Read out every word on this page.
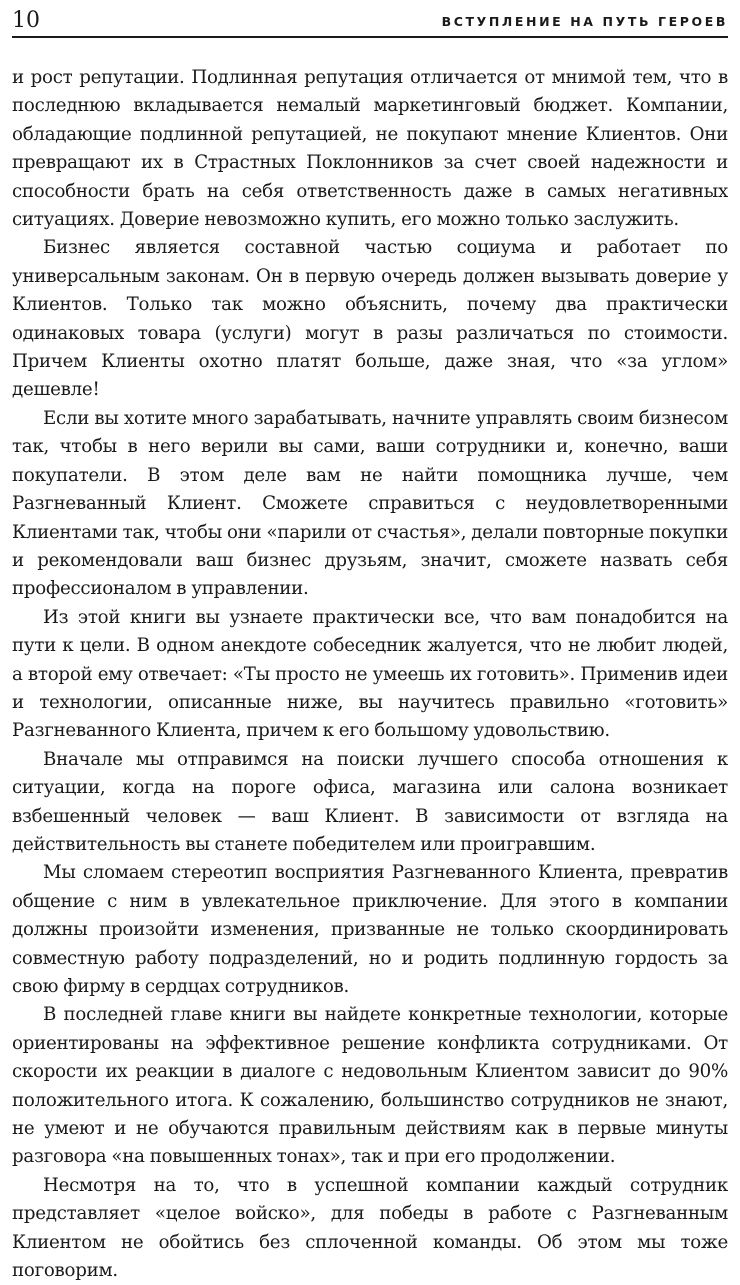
10	ВСТУПЛЕНИЕ НА ПУТЬ ГЕРОЕВ

и рост репутации. Подлинная репутация отличается от мнимой тем, что в последнюю вкладывается немалый маркетинговый бюджет. Компании, обладающие подлинной репутацией, не покупают мнение Клиентов. Они превращают их в Страстных Поклонников за счет своей надежности и способности брать на себя ответственность даже в самых негативных ситуациях. Доверие невозможно купить, его можно только заслужить.

Бизнес является составной частью социума и работает по универсальным законам. Он в первую очередь должен вызывать доверие у Клиентов. Только так можно объяснить, почему два практически одинаковых товара (услуги) могут в разы различаться по стоимости. Причем Клиенты охотно платят больше, даже зная, что «за углом» дешевле!

Если вы хотите много зарабатывать, начните управлять своим бизнесом так, чтобы в него верили вы сами, ваши сотрудники и, конечно, ваши покупатели. В этом деле вам не найти помощника лучше, чем Разгневанный Клиент. Сможете справиться с неудовлетворенными Клиентами так, чтобы они «парили от счастья», делали повторные покупки и рекомендовали ваш бизнес друзьям, значит, сможете назвать себя профессионалом в управлении.

Из этой книги вы узнаете практически все, что вам понадобится на пути к цели. В одном анекдоте собеседник жалуется, что не любит людей, а второй ему отвечает: «Ты просто не умеешь их готовить». Применив идеи и технологии, описанные ниже, вы научитесь правильно «готовить» Разгневанного Клиента, причем к его большому удовольствию.

Вначале мы отправимся на поиски лучшего способа отношения к ситуации, когда на пороге офиса, магазина или салона возникает взбешенный человек — ваш Клиент. В зависимости от взгляда на действительность вы станете победителем или проигравшим.

Мы сломаем стереотип восприятия Разгневанного Клиента, превратив общение с ним в увлекательное приключение. Для этого в компании должны произойти изменения, призванные не только скоординировать совместную работу подразделений, но и родить подлинную гордость за свою фирму в сердцах сотрудников.

В последней главе книги вы найдете конкретные технологии, которые ориентированы на эффективное решение конфликта сотрудниками. От скорости их реакции в диалоге с недовольным Клиентом зависит до 90% положительного итога. К сожалению, большинство сотрудников не знают, не умеют и не обучаются правильным действиям как в первые минуты разговора «на повышенных тонах», так и при его продолжении.

Несмотря на то, что в успешной компании каждый сотрудник представляет «целое войско», для победы в работе с Разгневанным Клиентом не обойтись без сплоченной команды. Об этом мы тоже поговорим.
